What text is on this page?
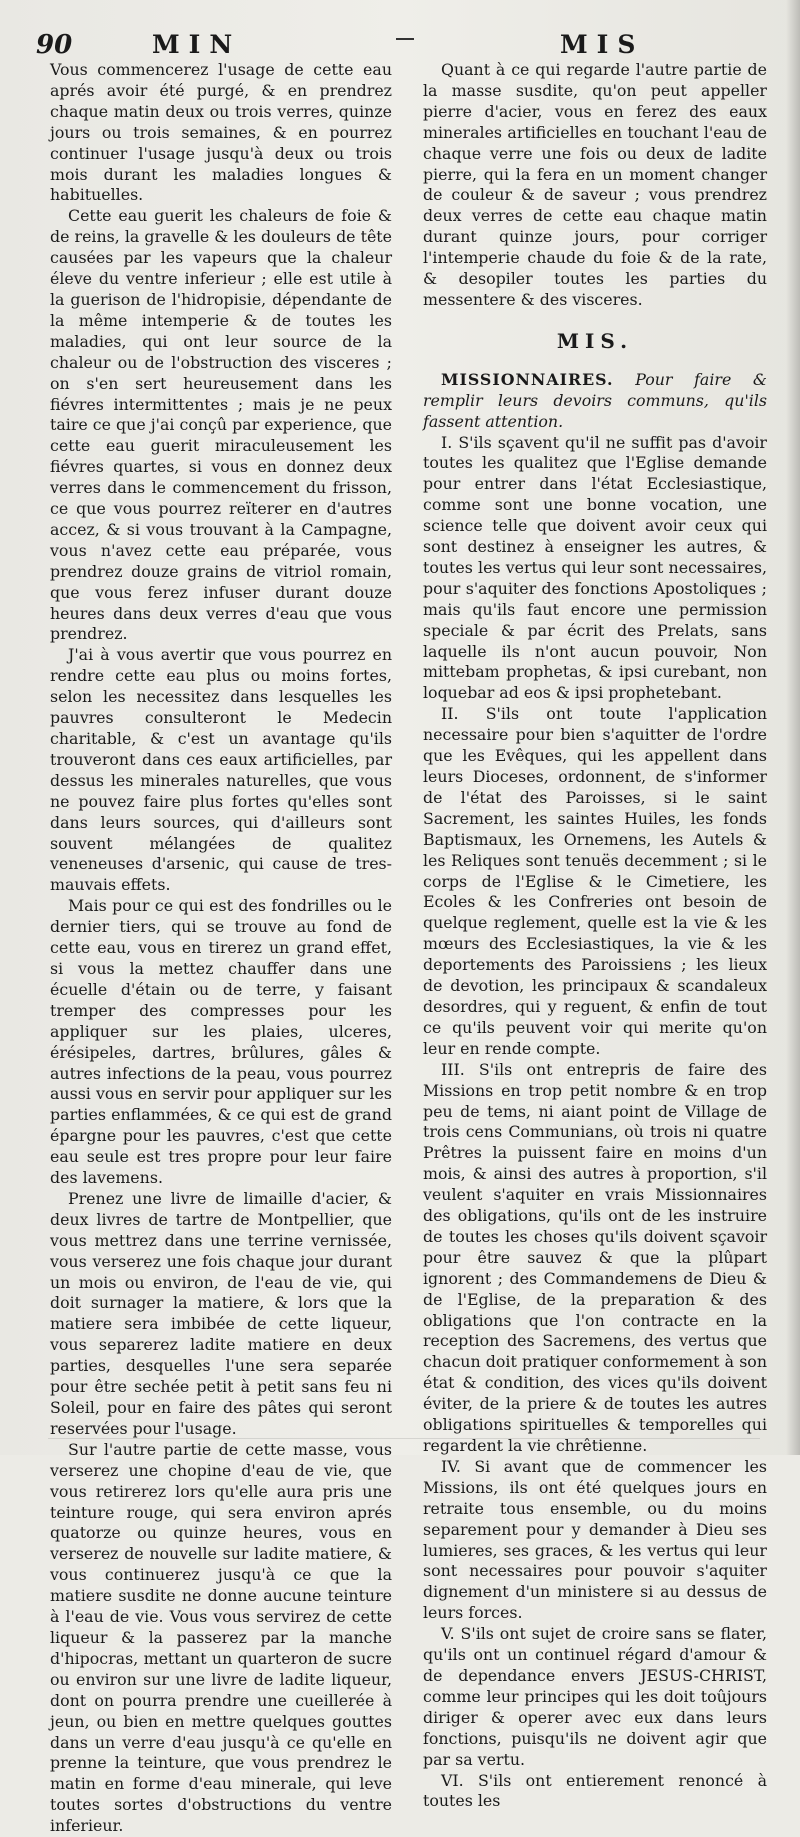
90	MIN	MIS

Vous commencerez l'usage de cette eau aprés avoir été purgé, & en prendrez chaque matin deux ou trois verres, quinze jours ou trois semaines, & en pourrez continuer l'usage jusqu'à deux ou trois mois durant les maladies longues & habituelles.

Cette eau guerit les chaleurs de foie & de reins, la gravelle & les douleurs de tête causées par les vapeurs que la chaleur éleve du ventre inferieur ; elle est utile à la guerison de l'hidropisie, dépendante de la même intemperie & de toutes les maladies, qui ont leur source de la chaleur ou de l'obstruction des visceres ; on s'en sert heureusement dans les fiévres intermittentes ; mais je ne peux taire ce que j'ai conçû par experience, que cette eau guerit miraculeusement les fiévres quartes, si vous en donnez deux verres dans le commencement du frisson, ce que vous pourrez reïterer en d'autres accez, & si vous trouvant à la Campagne, vous n'avez cette eau préparée, vous prendrez douze grains de vitriol romain, que vous ferez infuser durant douze heures dans deux verres d'eau que vous prendrez.

J'ai à vous avertir que vous pourrez en rendre cette eau plus ou moins fortes, selon les necessitez dans lesquelles les pauvres consulteront le Medecin charitable, & c'est un avantage qu'ils trouveront dans ces eaux artificielles, par dessus les minerales naturelles, que vous ne pouvez faire plus fortes qu'elles sont dans leurs sources, qui d'ailleurs sont souvent mélangées de qualitez veneneuses d'arsenic, qui cause de tres-mauvais effets.

Mais pour ce qui est des fondrilles ou le dernier tiers, qui se trouve au fond de cette eau, vous en tirerez un grand effet, si vous la mettez chauffer dans une écuelle d'étain ou de terre, y faisant tremper des compresses pour les appliquer sur les plaies, ulceres, érésipeles, dartres, brûlures, gâles & autres infections de la peau, vous pourrez aussi vous en servir pour appliquer sur les parties enflammées, & ce qui est de grand épargne pour les pauvres, c'est que cette eau seule est tres propre pour leur faire des lavemens.

Prenez une livre de limaille d'acier, & deux livres de tartre de Montpellier, que vous mettrez dans une terrine vernissée, vous verserez une fois chaque jour durant un mois ou environ, de l'eau de vie, qui doit surnager la matiere, & lors que la matiere sera imbibée de cette liqueur, vous separerez ladite matiere en deux parties, desquelles l'une sera separée pour être sechée petit à petit sans feu ni Soleil, pour en faire des pâtes qui seront reservées pour l'usage.

Sur l'autre partie de cette masse, vous verserez une chopine d'eau de vie, que vous retirerez lors qu'elle aura pris une teinture rouge, qui sera environ aprés quatorze ou quinze heures, vous en verserez de nouvelle sur ladite matiere, & vous continuerez jusqu'à ce que la matiere susdite ne donne aucune teinture à l'eau de vie. Vous vous servirez de cette liqueur & la passerez par la manche d'hipocras, mettant un quarteron de sucre ou environ sur une livre de ladite liqueur, dont on pourra prendre une cueillerée à jeun, ou bien en mettre quelques gouttes dans un verre d'eau jusqu'à ce qu'elle en prenne la teinture, que vous prendrez le matin en forme d'eau minerale, qui leve toutes sortes d'obstructions du ventre inferieur.

Quant à ce qui regarde l'autre partie de la masse susdite, qu'on peut appeller pierre d'acier, vous en ferez des eaux minerales artificielles en touchant l'eau de chaque verre une fois ou deux de ladite pierre, qui la fera en un moment changer de couleur & de saveur ; vous prendrez deux verres de cette eau chaque matin durant quinze jours, pour corriger l'intemperie chaude du foie & de la rate, & desopiler toutes les parties du messentere & des visceres.

MIS.

MISSIONNAIRES. Pour faire & remplir leurs devoirs communs, qu'ils fassent attention.

I. S'ils sçavent qu'il ne suffit pas d'avoir toutes les qualitez que l'Eglise demande pour entrer dans l'état Ecclesiastique, comme sont une bonne vocation, une science telle que doivent avoir ceux qui sont destinez à enseigner les autres, & toutes les vertus qui leur sont necessaires, pour s'aquiter des fonctions Apostoliques ; mais qu'ils faut encore une permission speciale & par écrit des Prelats, sans laquelle ils n'ont aucun pouvoir, Non mittebam prophetas, & ipsi curebant, non loquebar ad eos & ipsi prophetebant.

II. S'ils ont toute l'application necessaire pour bien s'aquitter de l'ordre que les Evêques, qui les appellent dans leurs Dioceses, ordonnent, de s'informer de l'état des Paroisses, si le saint Sacrement, les saintes Huiles, les fonds Baptismaux, les Ornemens, les Autels & les Reliques sont tenuës decemment ; si le corps de l'Eglise & le Cimetiere, les Ecoles & les Confreries ont besoin de quelque reglement, quelle est la vie & les mœurs des Ecclesiastiques, la vie & les deportements des Paroissiens ; les lieux de devotion, les principaux & scandaleux desordres, qui y reguent, & enfin de tout ce qu'ils peuvent voir qui merite qu'on leur en rende compte.

III. S'ils ont entrepris de faire des Missions en trop petit nombre & en trop peu de tems, ni aiant point de Village de trois cens Communians, où trois ni quatre Prêtres la puissent faire en moins d'un mois, & ainsi des autres à proportion, s'il veulent s'aquiter en vrais Missionnaires des obligations, qu'ils ont de les instruire de toutes les choses qu'ils doivent sçavoir pour être sauvez & que la plûpart ignorent ; des Commandemens de Dieu & de l'Eglise, de la preparation & des obligations que l'on contracte en la reception des Sacremens, des vertus que chacun doit pratiquer conformement à son état & condition, des vices qu'ils doivent éviter, de la priere & de toutes les autres obligations spirituelles & temporelles qui regardent la vie chrêtienne.

IV. Si avant que de commencer les Missions, ils ont été quelques jours en retraite tous ensemble, ou du moins separement pour y demander à Dieu ses lumieres, ses graces, & les vertus qui leur sont necessaires pour pouvoir s'aquiter dignement d'un ministere si au dessus de leurs forces.

V. S'ils ont sujet de croire sans se flater, qu'ils ont un continuel régard d'amour & de dependance envers JESUS-CHRIST, comme leur principes qui les doit toûjours diriger & operer avec eux dans leurs fonctions, puisqu'ils ne doivent agir que par sa vertu.

VI. S'ils ont entierement renoncé à toutes les
